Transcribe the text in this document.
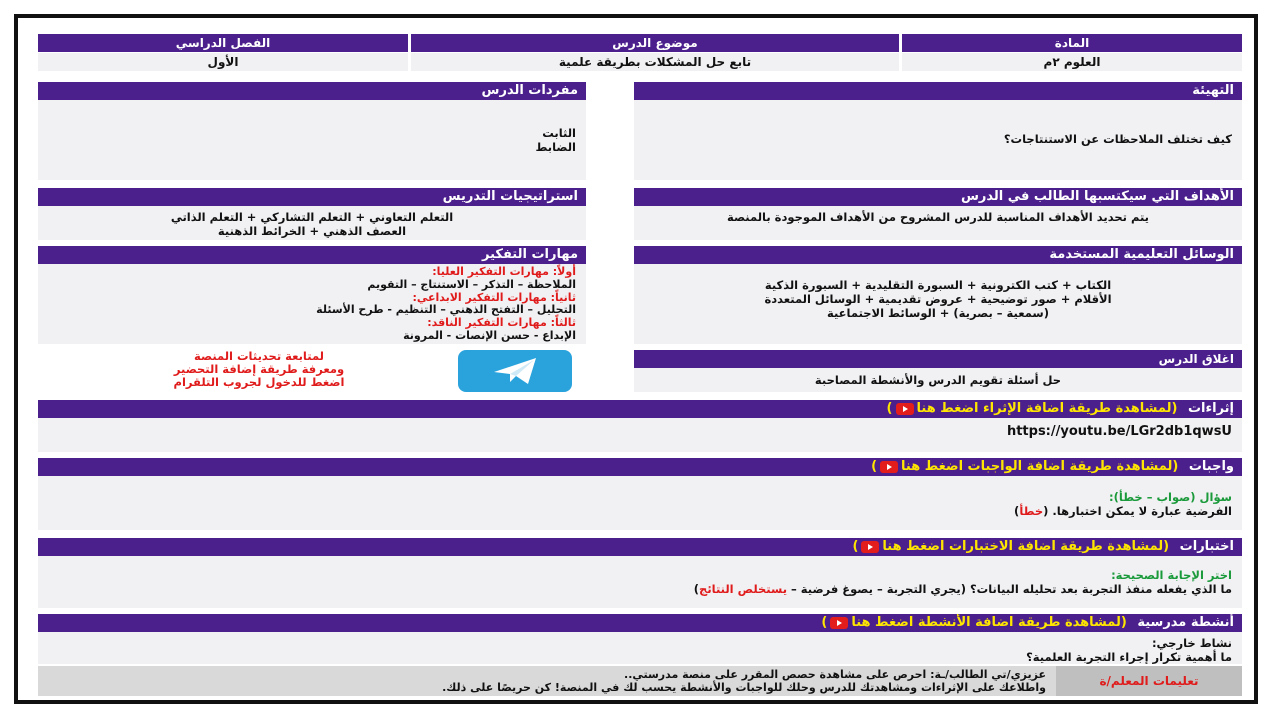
المادة
موضوع الدرس
الفصل الدراسي
العلوم ٢م
تابع حل المشكلات بطريقة علمية
الأول
التهيئة
كيف تختلف الملاحظات عن الاستنتاجات؟
مفردات الدرس
الثابت
الضابط
الأهداف التي سيكتسبها الطالب في الدرس
يتم تحديد الأهداف المناسبة للدرس المشروح من الأهداف الموجودة بالمنصة
استراتيجيات التدريس
التعلم التعاوني + التعلم التشاركي + التعلم الذاتي
العصف الذهني + الخرائط الذهنية
الوسائل التعليمية المستخدمة
الكتاب + كتب الكترونية + السبورة التقليدية + السبورة الذكية
الأقلام + صور توضيحية + عروض تقديمية + الوسائل المتعددة
(سمعية – بصرية) + الوسائط الاجتماعية
مهارات التفكير
أولاً: مهارات التفكير العليا:
الملاحظة – التذكر – الاستنتاج – التقويم
ثانياً: مهارات التفكير الابداعي:
التحليل – التفتح الذهني – التنظيم - طرح الأسئلة
ثالثاً: مهارات التفكير الناقد:
الإبداع - حسن الإنصات - المرونة
لمتابعة تحديثات المنصة
ومعرفة طريقة إضافة التحضير
اضغط للدخول لجروب التلقرام
اغلاق الدرس
حل أسئلة تقويم الدرس والأنشطة المصاحبة
إثراءات (لمشاهدة طريقة اضافة الإثراء اضغط هنا)
https://youtu.be/LGr2db1qwsU
واجبات (لمشاهدة طريقة اضافة الواجبات اضغط هنا)
سؤال (صواب – خطأ):
الفرضية عبارة لا يمكن اختبارها. (خطأ)
اختبارات (لمشاهدة طريقة اضافة الاختبارات اضغط هنا)
اختر الإجابة الصحيحة:
ما الذي يفعله منفذ التجربة بعد تحليله البيانات؟ (يجري التجربة – يصوغ فرضية – يستخلص النتائج)
أنشطة مدرسية (لمشاهدة طريقة اضافة الأنشطة اضغط هنا)
نشاط خارجي:
ما أهمية تكرار إجراء التجربة العلمية؟
تعليمات المعلم/ة
عزيزي/تي الطالب/ـة: احرص على مشاهدة حصص المقرر على منصة مدرستي..
واطلاعك على الإثراءات ومشاهدتك للدرس وحلك للواجبات والأنشطة يحسب لك في المنصة! كن حريصًا على ذلك.
